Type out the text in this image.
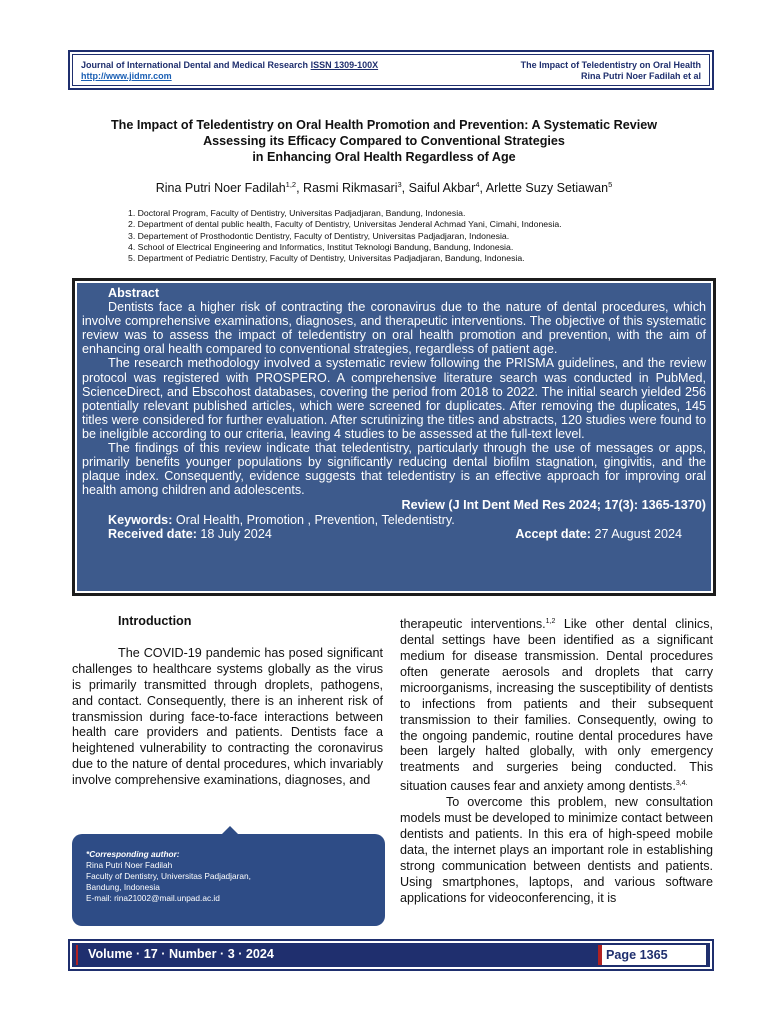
Journal of International Dental and Medical Research ISSN 1309-100X
http://www.jidmr.com
The Impact of Teledentistry on Oral Health
Rina Putri Noer Fadilah et al
The Impact of Teledentistry on Oral Health Promotion and Prevention: A Systematic Review
Assessing its Efficacy Compared to Conventional Strategies
in Enhancing Oral Health Regardless of Age
Rina Putri Noer Fadilah$^{1,2}$, Rasmi Rikmasari$^3$, Saiful Akbar$^4$, Arlette Suzy Setiawan$^5$
1. Doctoral Program, Faculty of Dentistry, Universitas Padjadjaran, Bandung, Indonesia.
2. Department of dental public health, Faculty of Dentistry, Universitas Jenderal Achmad Yani, Cimahi, Indonesia.
3. Departement of Prosthodontic Dentistry, Faculty of Dentistry, Universitas Padjadjaran, Indonesia.
4. School of Electrical Engineering and Informatics, Institut Teknologi Bandung, Bandung, Indonesia.
5. Department of Pediatric Dentistry, Faculty of Dentistry, Universitas Padjadjaran, Bandung, Indonesia.
Abstract

Dentists face a higher risk of contracting the coronavirus due to the nature of dental procedures, which involve comprehensive examinations, diagnoses, and therapeutic interventions. The objective of this systematic review was to assess the impact of teledentistry on oral health promotion and prevention, with the aim of enhancing oral health compared to conventional strategies, regardless of patient age.

The research methodology involved a systematic review following the PRISMA guidelines, and the review protocol was registered with PROSPERO. A comprehensive literature search was conducted in PubMed, ScienceDirect, and Ebscohost databases, covering the period from 2018 to 2022. The initial search yielded 256 potentially relevant published articles, which were screened for duplicates. After removing the duplicates, 145 titles were considered for further evaluation. After scrutinizing the titles and abstracts, 120 studies were found to be ineligible according to our criteria, leaving 4 studies to be assessed at the full-text level.

The findings of this review indicate that teledentistry, particularly through the use of messages or apps, primarily benefits younger populations by significantly reducing dental biofilm stagnation, gingivitis, and the plaque index. Consequently, evidence suggests that teledentistry is an effective approach for improving oral health among children and adolescents.

Review (J Int Dent Med Res 2024; 17(3): 1365-1370)
Keywords: Oral Health, Promotion , Prevention, Teledentistry.
Received date: 18 July 2024	Accept date: 27 August 2024
Introduction

The COVID-19 pandemic has posed significant challenges to healthcare systems globally as the virus is primarily transmitted through droplets, pathogens, and contact. Consequently, there is an inherent risk of transmission during face-to-face interactions between health care providers and patients. Dentists face a heightened vulnerability to contracting the coronavirus due to the nature of dental procedures, which invariably involve comprehensive examinations, diagnoses, and

therapeutic interventions.$^{1,2}$ Like other dental clinics, dental settings have been identified as a significant medium for disease transmission. Dental procedures often generate aerosols and droplets that carry microorganisms, increasing the susceptibility of dentists to infections from patients and their subsequent transmission to their families. Consequently, owing to the ongoing pandemic, routine dental procedures have been largely halted globally, with only emergency treatments and surgeries being conducted. This situation causes fear and anxiety among dentists.$^{3,4.}$

To overcome this problem, new consultation models must be developed to minimize contact between dentists and patients. In this era of high-speed mobile data, the internet plays an important role in establishing strong communication between dentists and patients. Using smartphones, laptops, and various software applications for videoconferencing, it is

*Corresponding author:
Rina Putri Noer Fadilah
Faculty of Dentistry, Universitas Padjadjaran,
Bandung, Indonesia
E-mail: rina21002@mail.unpad.ac.id
Volume · 17 · Number · 3 · 2024	Page 1365
